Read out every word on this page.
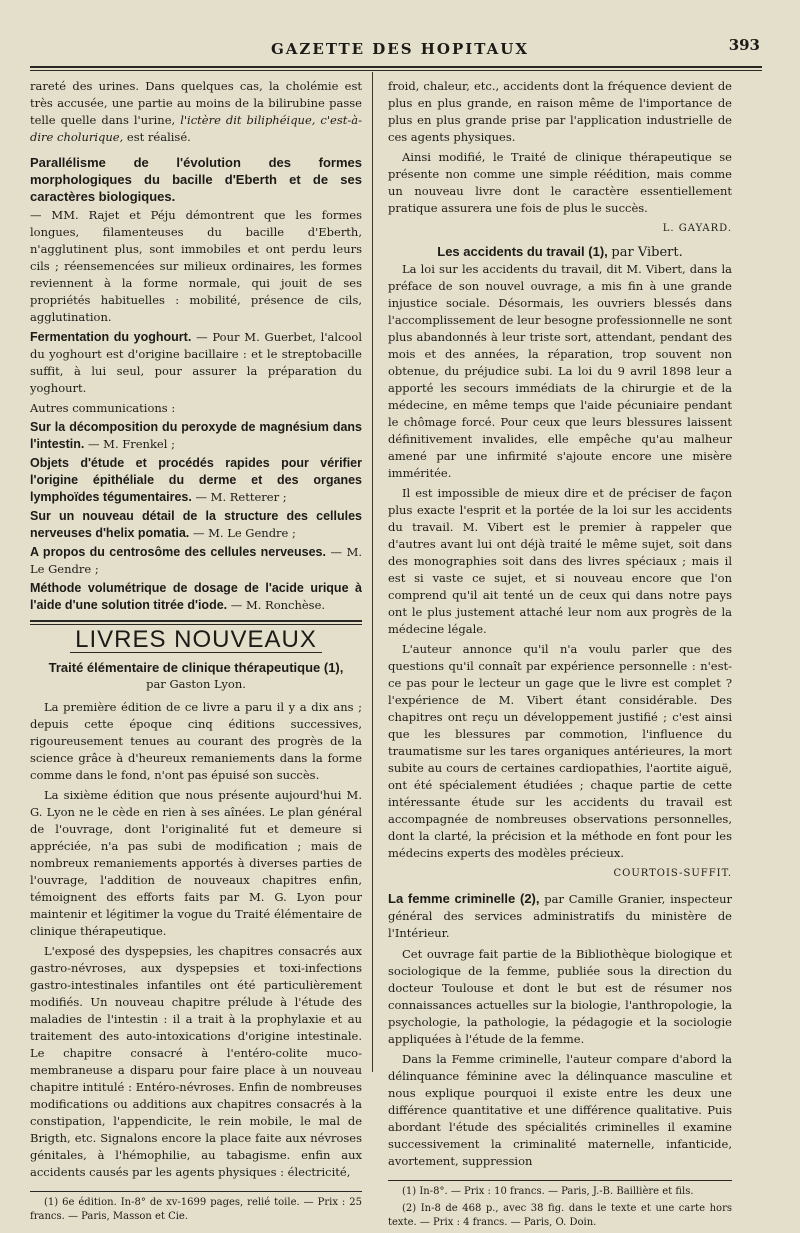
GAZETTE DES HOPITAUX	393

rareté des urines. Dans quelques cas, la cholémie est très accusée, une partie au moins de la bilirubine passe telle quelle dans l'urine, l'ictère dit biliphéique, c'est-à-dire cholurique, est réalisé.

Parallélisme de l'évolution des formes morphologiques du bacille d'Eberth et de ses caractères biologiques.

— MM. Rajet et Péju démontrent que les formes longues, filamenteuses du bacille d'Eberth, n'agglutinent plus, sont immobiles et ont perdu leurs cils ; réensemencées sur milieux ordinaires, les formes reviennent à la forme normale, qui jouit de ses propriétés habituelles : mobilité, présence de cils, agglutination.

Fermentation du yoghourt. — Pour M. Guerbet, l'alcool du yoghourt est d'origine bacillaire : et le streptobacille suffit, à lui seul, pour assurer la préparation du yoghourt.

Autres communications :

Sur la décomposition du peroxyde de magnésium dans l'intestin. — M. Frenkel ;

Objets d'étude et procédés rapides pour vérifier l'origine épithéliale du derme et des organes lymphoïdes tégumentaires. — M. Retterer ;

Sur un nouveau détail de la structure des cellules nerveuses d'helix pomatia. — M. Le Gendre ;

A propos du centrosôme des cellules nerveuses. — M. Le Gendre ;

Méthode volumétrique de dosage de l'acide urique à l'aide d'une solution titrée d'iode. — M. Ronchèse.

LIVRES NOUVEAUX
Traité élémentaire de clinique thérapeutique (1),
par Gaston Lyon.

La première édition de ce livre a paru il y a dix ans ; depuis cette époque cinq éditions successives, rigoureusement tenues au courant des progrès de la science grâce à d'heureux remaniements dans la forme comme dans le fond, n'ont pas épuisé son succès.

La sixième édition que nous présente aujourd'hui M. G. Lyon ne le cède en rien à ses aînées. Le plan général de l'ouvrage, dont l'originalité fut et demeure si appréciée, n'a pas subi de modification ; mais de nombreux remaniements apportés à diverses parties de l'ouvrage, l'addition de nouveaux chapitres enfin, témoignent des efforts faits par M. G. Lyon pour maintenir et légitimer la vogue du Traité élémentaire de clinique thérapeutique.

L'exposé des dyspepsies, les chapitres consacrés aux gastro-névroses, aux dyspepsies et toxi-infections gastro-intestinales infantiles ont été particulièrement modifiés. Un nouveau chapitre prélude à l'étude des maladies de l'intestin : il a trait à la prophylaxie et au traitement des auto-intoxications d'origine intestinale. Le chapitre consacré à l'entéro-colite muco-membraneuse a disparu pour faire place à un nouveau chapitre intitulé : Entéro-névroses. Enfin de nombreuses modifications ou additions aux chapitres consacrés à la constipation, l'appendicite, le rein mobile, le mal de Brigth, etc. Signalons encore la place faite aux névroses génitales, à l'hémophilie, au tabagisme. enfin aux accidents causés par les agents physiques : électricité,

(1) 6e édition. In-8° de xv-1699 pages, relié toile. — Prix : 25 francs. — Paris, Masson et Cie.

froid, chaleur, etc., accidents dont la fréquence devient de plus en plus grande, en raison même de l'importance de plus en plus grande prise par l'application industrielle de ces agents physiques.

Ainsi modifié, le Traité de clinique thérapeutique se présente non comme une simple réédition, mais comme un nouveau livre dont le caractère essentiellement pratique assurera une fois de plus le succès.

L. GAYARD.
Les accidents du travail (1), par Vibert.

La loi sur les accidents du travail, dit M. Vibert, dans la préface de son nouvel ouvrage, a mis fin à une grande injustice sociale. Désormais, les ouvriers blessés dans l'accomplissement de leur besogne professionnelle ne sont plus abandonnés à leur triste sort, attendant, pendant des mois et des années, la réparation, trop souvent non obtenue, du préjudice subi. La loi du 9 avril 1898 leur a apporté les secours immédiats de la chirurgie et de la médecine, en même temps que l'aide pécuniaire pendant le chômage forcé. Pour ceux que leurs blessures laissent définitivement invalides, elle empêche qu'au malheur amené par une infirmité s'ajoute encore une misère imméritée.

Il est impossible de mieux dire et de préciser de façon plus exacte l'esprit et la portée de la loi sur les accidents du travail. M. Vibert est le premier à rappeler que d'autres avant lui ont déjà traité le même sujet, soit dans des monographies soit dans des livres spéciaux ; mais il est si vaste ce sujet, et si nouveau encore que l'on comprend qu'il ait tenté un de ceux qui dans notre pays ont le plus justement attaché leur nom aux progrès de la médecine légale.

L'auteur annonce qu'il n'a voulu parler que des questions qu'il connaît par expérience personnelle : n'est-ce pas pour le lecteur un gage que le livre est complet ? l'expérience de M. Vibert étant considérable. Des chapitres ont reçu un développement justifié ; c'est ainsi que les blessures par commotion, l'influence du traumatisme sur les tares organiques antérieures, la mort subite au cours de certaines cardiopathies, l'aortite aiguë, ont été spécialement étudiées ; chaque partie de cette intéressante étude sur les accidents du travail est accompagnée de nombreuses observations personnelles, dont la clarté, la précision et la méthode en font pour les médecins experts des modèles précieux.

COURTOIS-SUFFIT.
La femme criminelle (2), par Camille Granier, inspecteur général des services administratifs du ministère de l'Intérieur.

Cet ouvrage fait partie de la Bibliothèque biologique et sociologique de la femme, publiée sous la direction du docteur Toulouse et dont le but est de résumer nos connaissances actuelles sur la biologie, l'anthropologie, la psychologie, la pathologie, la pédagogie et la sociologie appliquées à l'étude de la femme.

Dans la Femme criminelle, l'auteur compare d'abord la délinquance féminine avec la délinquance masculine et nous explique pourquoi il existe entre les deux une différence quantitative et une différence qualitative. Puis abordant l'étude des spécialités criminelles il examine successivement la criminalité maternelle, infanticide, avortement, suppression

(1) In-8°. — Prix : 10 francs. — Paris, J.-B. Baillière et fils.

(2) In-8 de 468 p., avec 38 fig. dans le texte et une carte hors texte. — Prix : 4 francs. — Paris, O. Doin.
